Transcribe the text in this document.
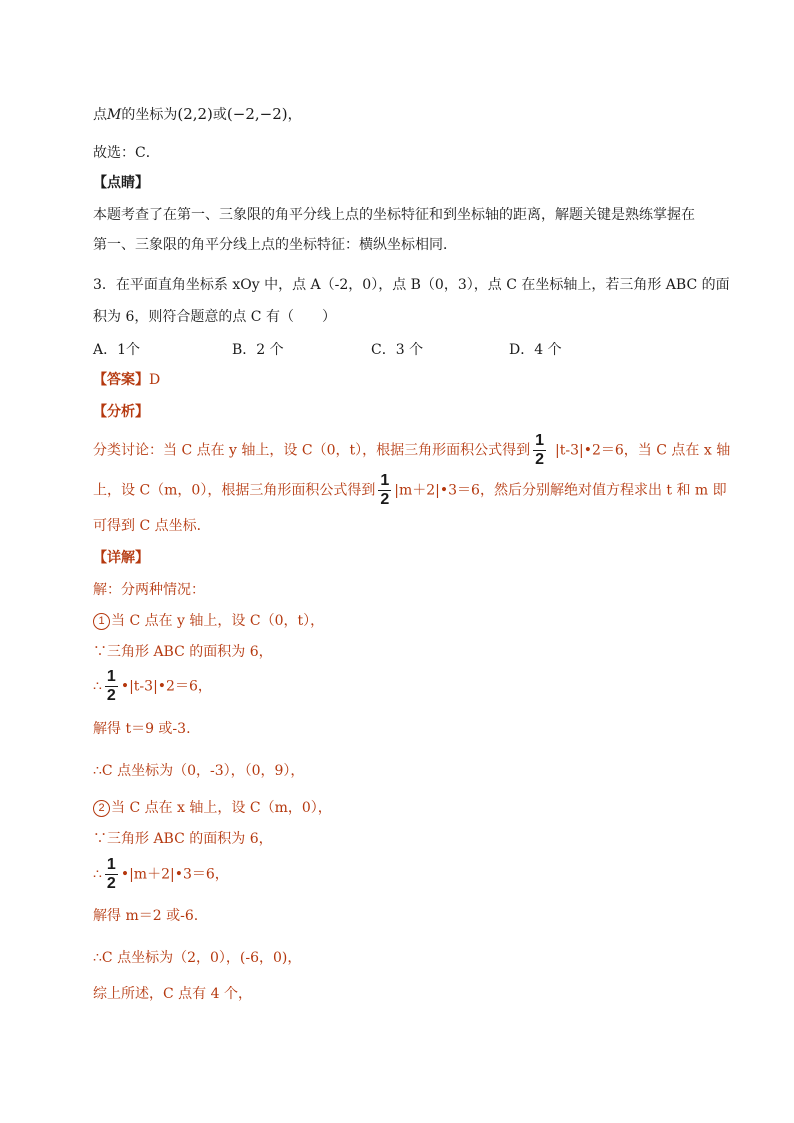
点M的坐标为(2,2)或(−2,−2)，
故选：C．
【点睛】
本题考查了在第一、三象限的角平分线上点的坐标特征和到坐标轴的距离，解题关键是熟练掌握在
第一、三象限的角平分线上点的坐标特征：横纵坐标相同．
3．在平面直角坐标系 xOy 中，点 A（-2，0），点 B（0，3），点 C 在坐标轴上，若三角形 ABC 的面
积为 6，则符合题意的点 C 有（　　）
A．1个	B．2 个	C．3 个	D．4 个
【答案】D
【分析】
分类讨论：当 C 点在 y 轴上，设 C（0，t），根据三角形面积公式得到 $\frac{1}{2}$ |t-3|•2＝6，当 C 点在 x 轴
上，设 C（m，0），根据三角形面积公式得到 $\frac{1}{2}$ |m＋2|•3＝6，然后分别解绝对值方程求出 t 和 m 即
可得到 C 点坐标．
【详解】
解：分两种情况：
1 当 C 点在 y 轴上，设 C（0，t），
∵三角形 ABC 的面积为 6，
∴ $\frac{1}{2}$ •|t-3|•2＝6，
解得 t＝9 或-3.
∴C 点坐标为（0，-3），（0，9），
2 当 C 点在 x 轴上，设 C（m，0），
∵三角形 ABC 的面积为 6，
∴ $\frac{1}{2}$ •|m＋2|•3＝6，
解得 m＝2 或-6.
∴C 点坐标为（2，0），(-6，0)，
综上所述，C 点有 4 个，
